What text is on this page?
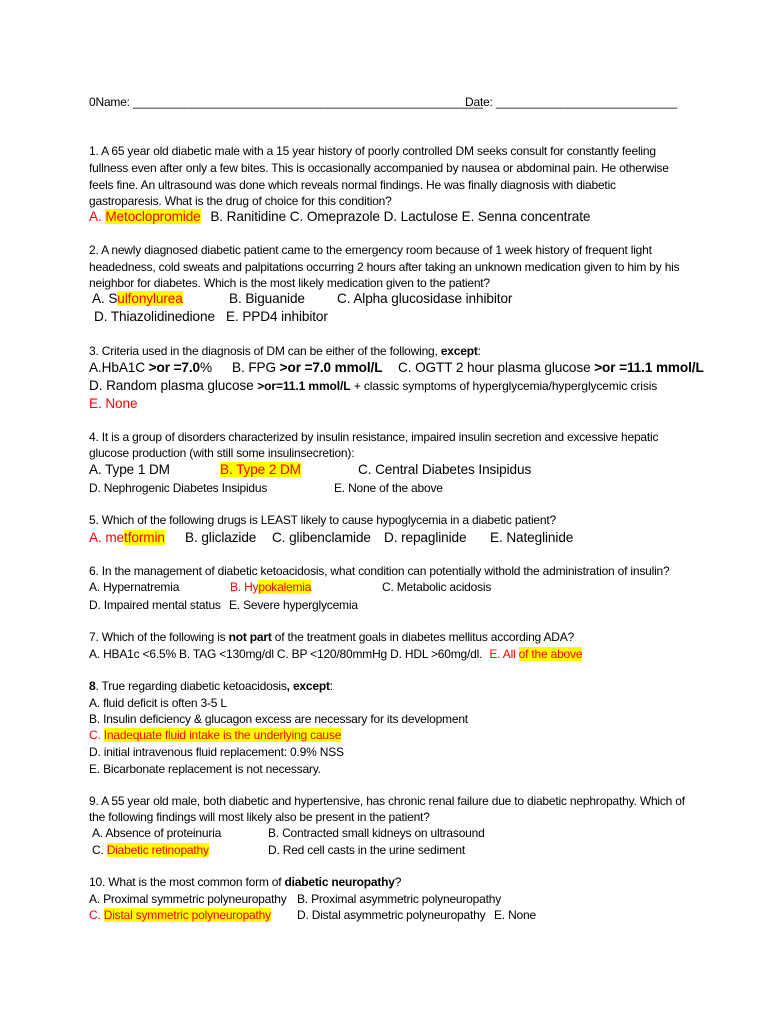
0Name: ______________________________________________________
Date: ____________________________
1. A 65 year old diabetic male with a 15 year history of poorly controlled DM seeks consult for constantly feeling
fullness even after only a few bites. This is occasionally accompanied by nausea or abdominal pain. He otherwise
feels fine. An ultrasound was done which reveals normal findings. He was finally diagnosis with diabetic
gastroparesis. What is the drug of choice for this condition?
A. Metoclopromide B. Ranitidine C. Omeprazole D. Lactulose E. Senna concentrate
2. A newly diagnosed diabetic patient came to the emergency room because of 1 week history of frequent light
headedness, cold sweats and palpitations occurring 2 hours after taking an unknown medication given to him by his
neighbor for diabetes. Which is the most likely medication given to the patient?
A. Sulfonylurea	B. Biguanide C. Alpha glucosidase inhibitor
D. Thiazolidinedione E. PPD4 inhibitor
3. Criteria used in the diagnosis of DM can be either of the following, except:
A.HbA1C >or =7.0% B. FPG >or =7.0 mmol/L C. OGTT 2 hour plasma glucose >or =11.1 mmol/L
D. Random plasma glucose >or=11.1 mmol/L + classic symptoms of hyperglycemia/hyperglycemic crisis
E. None
4. It is a group of disorders characterized by insulin resistance, impaired insulin secretion and excessive hepatic
glucose production (with still some insulinsecretion):
A. Type 1 DM	B. Type 2 DM	C. Central Diabetes Insipidus
D. Nephrogenic Diabetes Insipidus	E. None of the above
5. Which of the following drugs is LEAST likely to cause hypoglycemia in a diabetic patient?
A. metformin B. gliclazide C. glibenclamide D. repaglinide E. Nateglinide
6. In the management of diabetic ketoacidosis, what condition can potentially withold the administration of insulin?
A. Hypernatremia	B. Hypokalemia	C. Metabolic acidosis
D. Impaired mental status E. Severe hyperglycemia
7. Which of the following is not part of the treatment goals in diabetes mellitus according ADA?
A. HBA1c <6.5% B. TAG <130mg/dl C. BP <120/80mmHg D. HDL >60mg/dl. E. All of the above
8. True regarding diabetic ketoacidosis, except:
A. fluid deficit is often 3-5 L
B. Insulin deficiency & glucagon excess are necessary for its development
C. Inadequate fluid intake is the underlying cause
D. initial intravenous fluid replacement: 0.9% NSS
E. Bicarbonate replacement is not necessary.
9. A 55 year old male, both diabetic and hypertensive, has chronic renal failure due to diabetic nephropathy. Which of
the following findings will most likely also be present in the patient?
A. Absence of proteinuria	B. Contracted small kidneys on ultrasound
C. Diabetic retinopathy	D. Red cell casts in the urine sediment
10. What is the most common form of diabetic neuropathy?
A. Proximal symmetric polyneuropathy B. Proximal asymmetric polyneuropathy
C. Distal symmetric polyneuropathy D. Distal asymmetric polyneuropathy E. None
